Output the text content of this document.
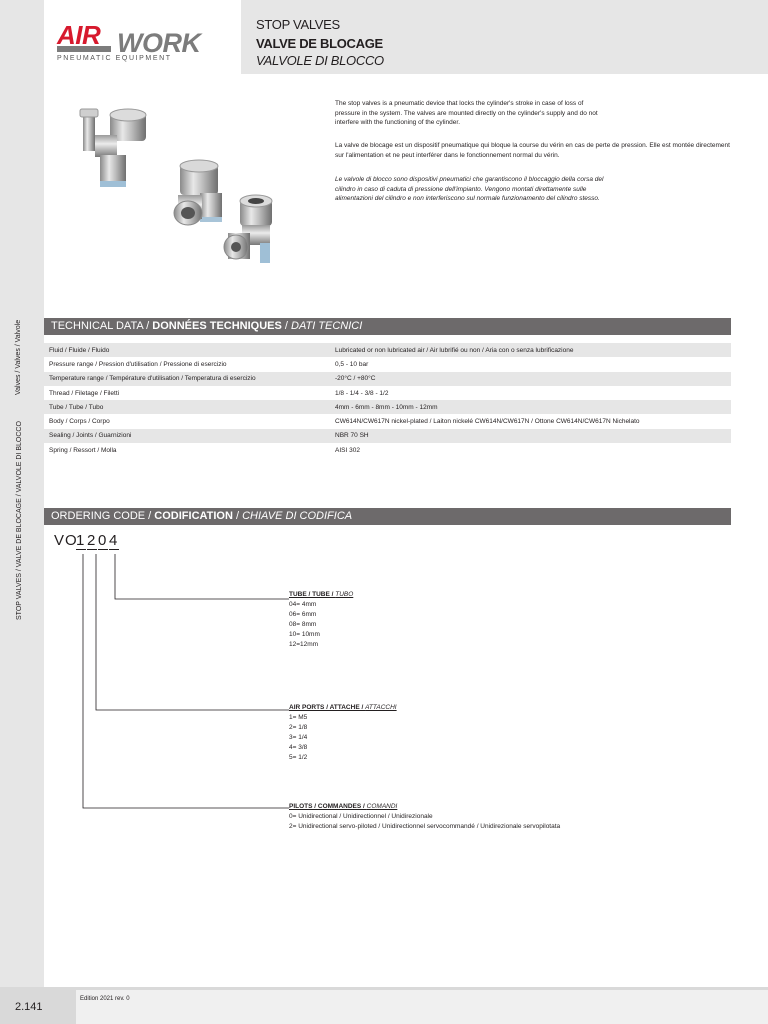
AIR WORK
PNEUMATIC EQUIPMENT
STOP VALVES
VALVE DE BLOCAGE
VALVOLE DI BLOCCO
Valves / Valves / Valvole
STOP VALVES / VALVE DE BLOCAGE / VALVOLE DI BLOCCO
The stop valves is a pneumatic device that locks the cylinder's stroke in case of loss of pressure in the system. The valves are mounted directly on the cylinder's supply and do not interfere with the functioning of the cylinder.
La valve de blocage est un dispositif pneumatique qui bloque la course du vérin en cas de perte de pression. Elle est montée directement sur l'alimentation et ne peut interférer dans le fonctionnement normal du vérin.
Le valvole di blocco sono dispositivi pneumatici che garantiscono il bloccaggio della corsa del cilindro in caso di caduta di pressione dell'impianto. Vengono montati direttamente sulle alimentazioni del cilindro e non interferiscono sul normale funzionamento del cilindro stesso.
TECHNICAL DATA / DONNÉES TECHNIQUES / DATI TECNICI
Fluid / Fluide / Fluido	Lubricated or non lubricated air / Air lubrifié ou non / Aria con o senza lubrificazione
Pressure range / Pression d'utilisation / Pressione di esercizio	0,5 - 10 bar
Temperature range / Température d'utilisation / Temperatura di esercizio	-20°C / +80°C
Thread / Filetage / Filetti	1/8 - 1/4 - 3/8 - 1/2
Tube / Tube / Tubo	4mm - 6mm - 8mm - 10mm - 12mm
Body / Corps / Corpo	CW614N/CW617N nickel-plated / Laiton nickelé CW614N/CW617N / Ottone CW614N/CW617N Nichelato
Sealing / Joints / Guarnizioni	NBR 70 SH
Spring / Ressort / Molla	AISI 302
ORDERING CODE / CODIFICATION / CHIAVE DI CODIFICA
VO1204
TUBE / TUBE / TUBO
04= 4mm
06= 6mm
08= 8mm
10= 10mm
12=12mm
AIR PORTS / ATTACHE / ATTACCHI
1= M5
2= 1/8
3= 1/4
4= 3/8
5= 1/2
PILOTS / COMMANDES / COMANDI
0= Unidirectional / Unidirectionnel / Unidirezionale
2= Unidirectional servo-piloted / Unidirectionnel servocommandé / Unidirezionale servopilotata
2.141
Edition 2021 rev. 0
